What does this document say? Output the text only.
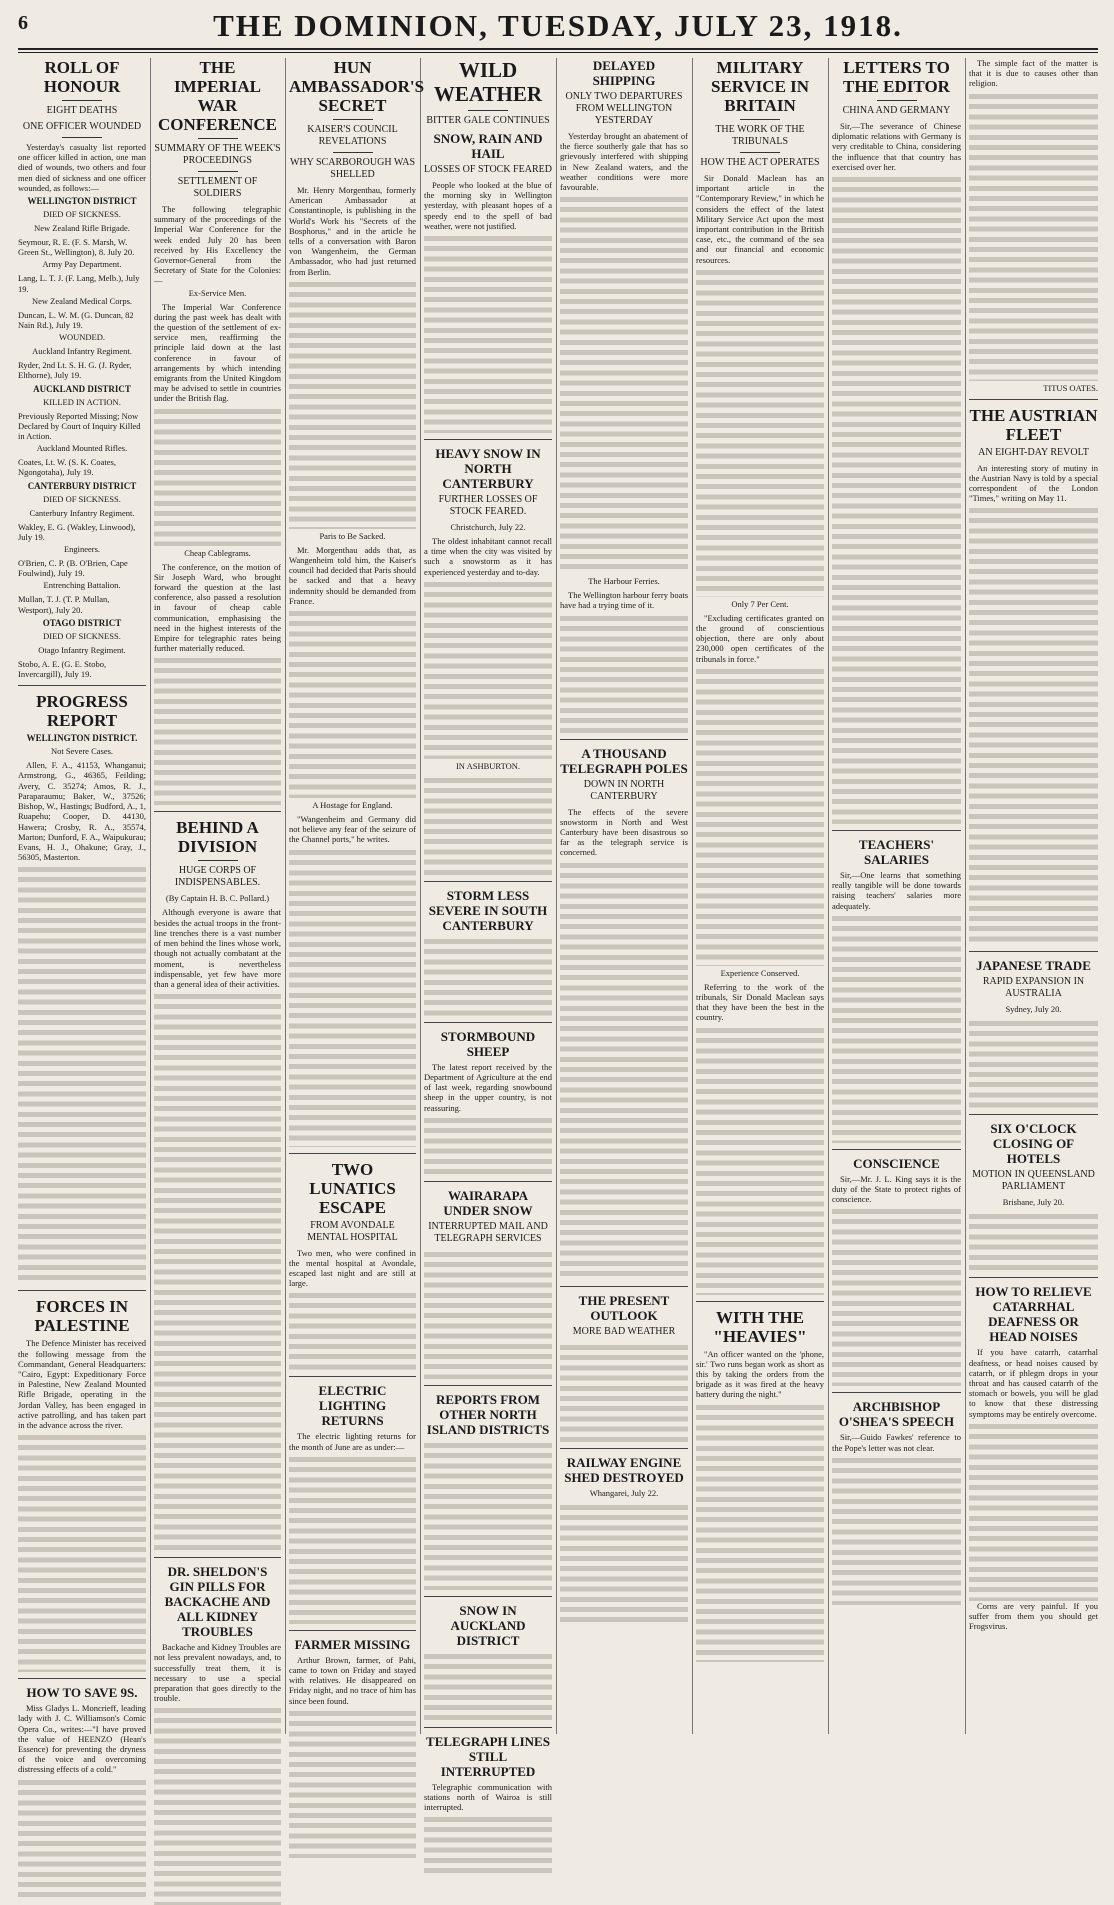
6	THE DOMINION, TUESDAY, JULY 23, 1918.
ROLL OF HONOUR
EIGHT DEATHS
ONE OFFICER WOUNDED
Yesterday's casualty list reported one officer killed in action, one man died of wounds, two others and four men died of sickness and one officer wounded, as follows:—
WELLINGTON DISTRICT
DIED OF SICKNESS.
New Zealand Rifle Brigade.
Seymour, R. E. (F. S. Marsh, W. Green St., Wellington), 8. July 20.
Army Pay Department.
Lang, L. T. J. (F. Lang, Melb.), July 19.
New Zealand Medical Corps.
Duncan, L. W. M. (G. Duncan, 82 Nain Rd.), July 19.
WOUNDED.
Auckland Infantry Regiment.
Ryder, 2nd Lt. S. H. G. (J. Ryder, Elthorne), July 19.
AUCKLAND DISTRICT
KILLED IN ACTION.
Previously Reported Missing; Now Declared by Court of Inquiry Killed in Action.
Auckland Mounted Rifles.
Coates, Lt. W. (S. K. Coates, Ngongotaha), July 19.
CANTERBURY DISTRICT
DIED OF SICKNESS.
Canterbury Infantry Regiment.
Wakley, E. G. (Wakley, Linwood), July 19.
Engineers.
O'Brien, C. P. (B. O'Brien, Cape Foulwind), July 19.
Entrenching Battalion.
Mullan, T. J. (T. P. Mullan, Westport), July 20.
OTAGO DISTRICT
DIED OF SICKNESS.
Otago Infantry Regiment.
Stobo, A. E. (G. E. Stobo, Invercargill), July 19.
PROGRESS REPORT
WELLINGTON DISTRICT.
Not Severe Cases.
Allen, F. A., 41153, Whanganui; Armstrong, G., 46365, Feilding; Avery, C. 35274; Amos, R. J., Paraparaumu; Baker, W., 37526; Bishop, W., Hastings; Budford, A., 1, Ruapehu; Cooper, D. 44130, Hawera; Crosby, R. A., 35574, Marton; Dunford, F. A., Waipukurau; Evans, H. J., Ohakune; Gray, J., 56305, Masterton.
FORCES IN PALESTINE
The Defence Minister has received the following message from the Commandant, General Headquarters: "Cairo, Egypt: Expeditionary Force in Palestine, New Zealand Mounted Rifle Brigade, operating in the Jordan Valley, has been engaged in active patrolling, and has taken part in the advance across the river.
HOW TO SAVE 9S.
Miss Gladys L. Moncrieff, leading lady with J. C. Williamson's Comic Opera Co., writes:—"I have proved the value of HEENZO (Hean's Essence) for preventing the dryness of the voice and overcoming distressing effects of a cold."
THE IMPERIAL WAR CONFERENCE
SUMMARY OF THE WEEK'S PROCEEDINGS
SETTLEMENT OF SOLDIERS
The following telegraphic summary of the proceedings of the Imperial War Conference for the week ended July 20 has been received by His Excellency the Governor-General from the Secretary of State for the Colonies:—
Ex-Service Men.
The Imperial War Conference during the past week has dealt with the question of the settlement of ex-service men, reaffirming the principle laid down at the last conference in favour of arrangements by which intending emigrants from the United Kingdom may be advised to settle in countries under the British flag.
Cheap Cablegrams.
The conference, on the motion of Sir Joseph Ward, who brought forward the question at the last conference, also passed a resolution in favour of cheap cable communication, emphasising the need in the highest interests of the Empire for telegraphic rates being further materially reduced.
BEHIND A DIVISION
HUGE CORPS OF INDISPENSABLES.
(By Captain H. B. C. Pollard.)
Although everyone is aware that besides the actual troops in the front-line trenches there is a vast number of men behind the lines whose work, though not actually combatant at the moment, is nevertheless indispensable, yet few have more than a general idea of their activities.
DR. SHELDON'S GIN PILLS FOR BACKACHE AND ALL KIDNEY TROUBLES
Backache and Kidney Troubles are not less prevalent nowadays, and, to successfully treat them, it is necessary to use a special preparation that goes directly to the trouble.
HUN AMBASSADOR'S SECRET
KAISER'S COUNCIL REVELATIONS
WHY SCARBOROUGH WAS SHELLED
Mr. Henry Morgenthau, formerly American Ambassador at Constantinople, is publishing in the World's Work his "Secrets of the Bosphorus," and in the article he tells of a conversation with Baron von Wangenheim, the German Ambassador, who had just returned from Berlin.
Paris to Be Sacked.
Mr. Morgenthau adds that, as Wangenheim told him, the Kaiser's council had decided that Paris should be sacked and that a heavy indemnity should be demanded from France.
A Hostage for England.
"Wangenheim and Germany did not believe any fear of the seizure of the Channel ports," he writes.
TWO LUNATICS ESCAPE
FROM AVONDALE MENTAL HOSPITAL
Two men, who were confined in the mental hospital at Avondale, escaped last night and are still at large.
ELECTRIC LIGHTING RETURNS
The electric lighting returns for the month of June are as under:—
FARMER MISSING
Arthur Brown, farmer, of Pahi, came to town on Friday and stayed with relatives. He disappeared on Friday night, and no trace of him has since been found.
WILD WEATHER
BITTER GALE CONTINUES
SNOW, RAIN AND HAIL
LOSSES OF STOCK FEARED
People who looked at the blue of the morning sky in Wellington yesterday, with pleasant hopes of a speedy end to the spell of bad weather, were not justified.
HEAVY SNOW IN NORTH CANTERBURY
FURTHER LOSSES OF STOCK FEARED.
Christchurch, July 22.
The oldest inhabitant cannot recall a time when the city was visited by such a snowstorm as it has experienced yesterday and to-day.
IN ASHBURTON.
STORM LESS SEVERE IN SOUTH CANTERBURY
STORMBOUND SHEEP
The latest report received by the Department of Agriculture at the end of last week, regarding snowbound sheep in the upper country, is not reassuring.
WAIRARAPA UNDER SNOW
INTERRUPTED MAIL AND TELEGRAPH SERVICES
REPORTS FROM OTHER NORTH ISLAND DISTRICTS
SNOW IN AUCKLAND DISTRICT
TELEGRAPH LINES STILL INTERRUPTED
Telegraphic communication with stations north of Wairoa is still interrupted.
DELAYED SHIPPING
ONLY TWO DEPARTURES FROM WELLINGTON YESTERDAY
Yesterday brought an abatement of the fierce southerly gale that has so grievously interfered with shipping in New Zealand waters, and the weather conditions were more favourable.
The Harbour Ferries.
The Wellington harbour ferry boats have had a trying time of it.
A THOUSAND TELEGRAPH POLES
DOWN IN NORTH CANTERBURY
The effects of the severe snowstorm in North and West Canterbury have been disastrous so far as the telegraph service is concerned.
THE PRESENT OUTLOOK
MORE BAD WEATHER
RAILWAY ENGINE SHED DESTROYED
Whangarei, July 22.
MILITARY SERVICE IN BRITAIN
THE WORK OF THE TRIBUNALS
HOW THE ACT OPERATES
Sir Donald Maclean has an important article in the "Contemporary Review," in which he considers the effect of the latest Military Service Act upon the most important contribution in the British case, etc., the command of the sea and our financial and economic resources.
Only 7 Per Cent.
"Excluding certificates granted on the ground of conscientious objection, there are only about 230,000 open certificates of the tribunals in force."
Experience Conserved.
Referring to the work of the tribunals, Sir Donald Maclean says that they have been the best in the country.
WITH THE "HEAVIES"
"An officer wanted on the 'phone, sir.' Two runs began work as short as this by taking the orders from the brigade as it was fired at the heavy battery during the night."
LETTERS TO THE EDITOR
CHINA AND GERMANY
Sir,—The severance of Chinese diplomatic relations with Germany is very creditable to China, considering the influence that that country has exercised over her.
TEACHERS' SALARIES
Sir,—One learns that something really tangible will be done towards raising teachers' salaries more adequately.
CONSCIENCE
Sir,—Mr. J. L. King says it is the duty of the State to protect rights of conscience.
ARCHBISHOP O'SHEA'S SPEECH
Sir,—Guido Fawkes' reference to the Pope's letter was not clear.
The simple fact of the matter is that it is due to causes other than religion.
TITUS OATES.
THE AUSTRIAN FLEET
AN EIGHT-DAY REVOLT
An interesting story of mutiny in the Austrian Navy is told by a special correspondent of the London "Times," writing on May 11.
JAPANESE TRADE
RAPID EXPANSION IN AUSTRALIA
Sydney, July 20.
SIX O'CLOCK CLOSING OF HOTELS
MOTION IN QUEENSLAND PARLIAMENT
Brisbane, July 20.
HOW TO RELIEVE CATARRHAL DEAFNESS OR HEAD NOISES
If you have catarrh, catarrhal deafness, or head noises caused by catarrh, or if phlegm drops in your throat and has caused catarrh of the stomach or bowels, you will be glad to know that these distressing symptoms may be entirely overcome.
Corns are very painful. If you suffer from them you should get Frogsvirus.
